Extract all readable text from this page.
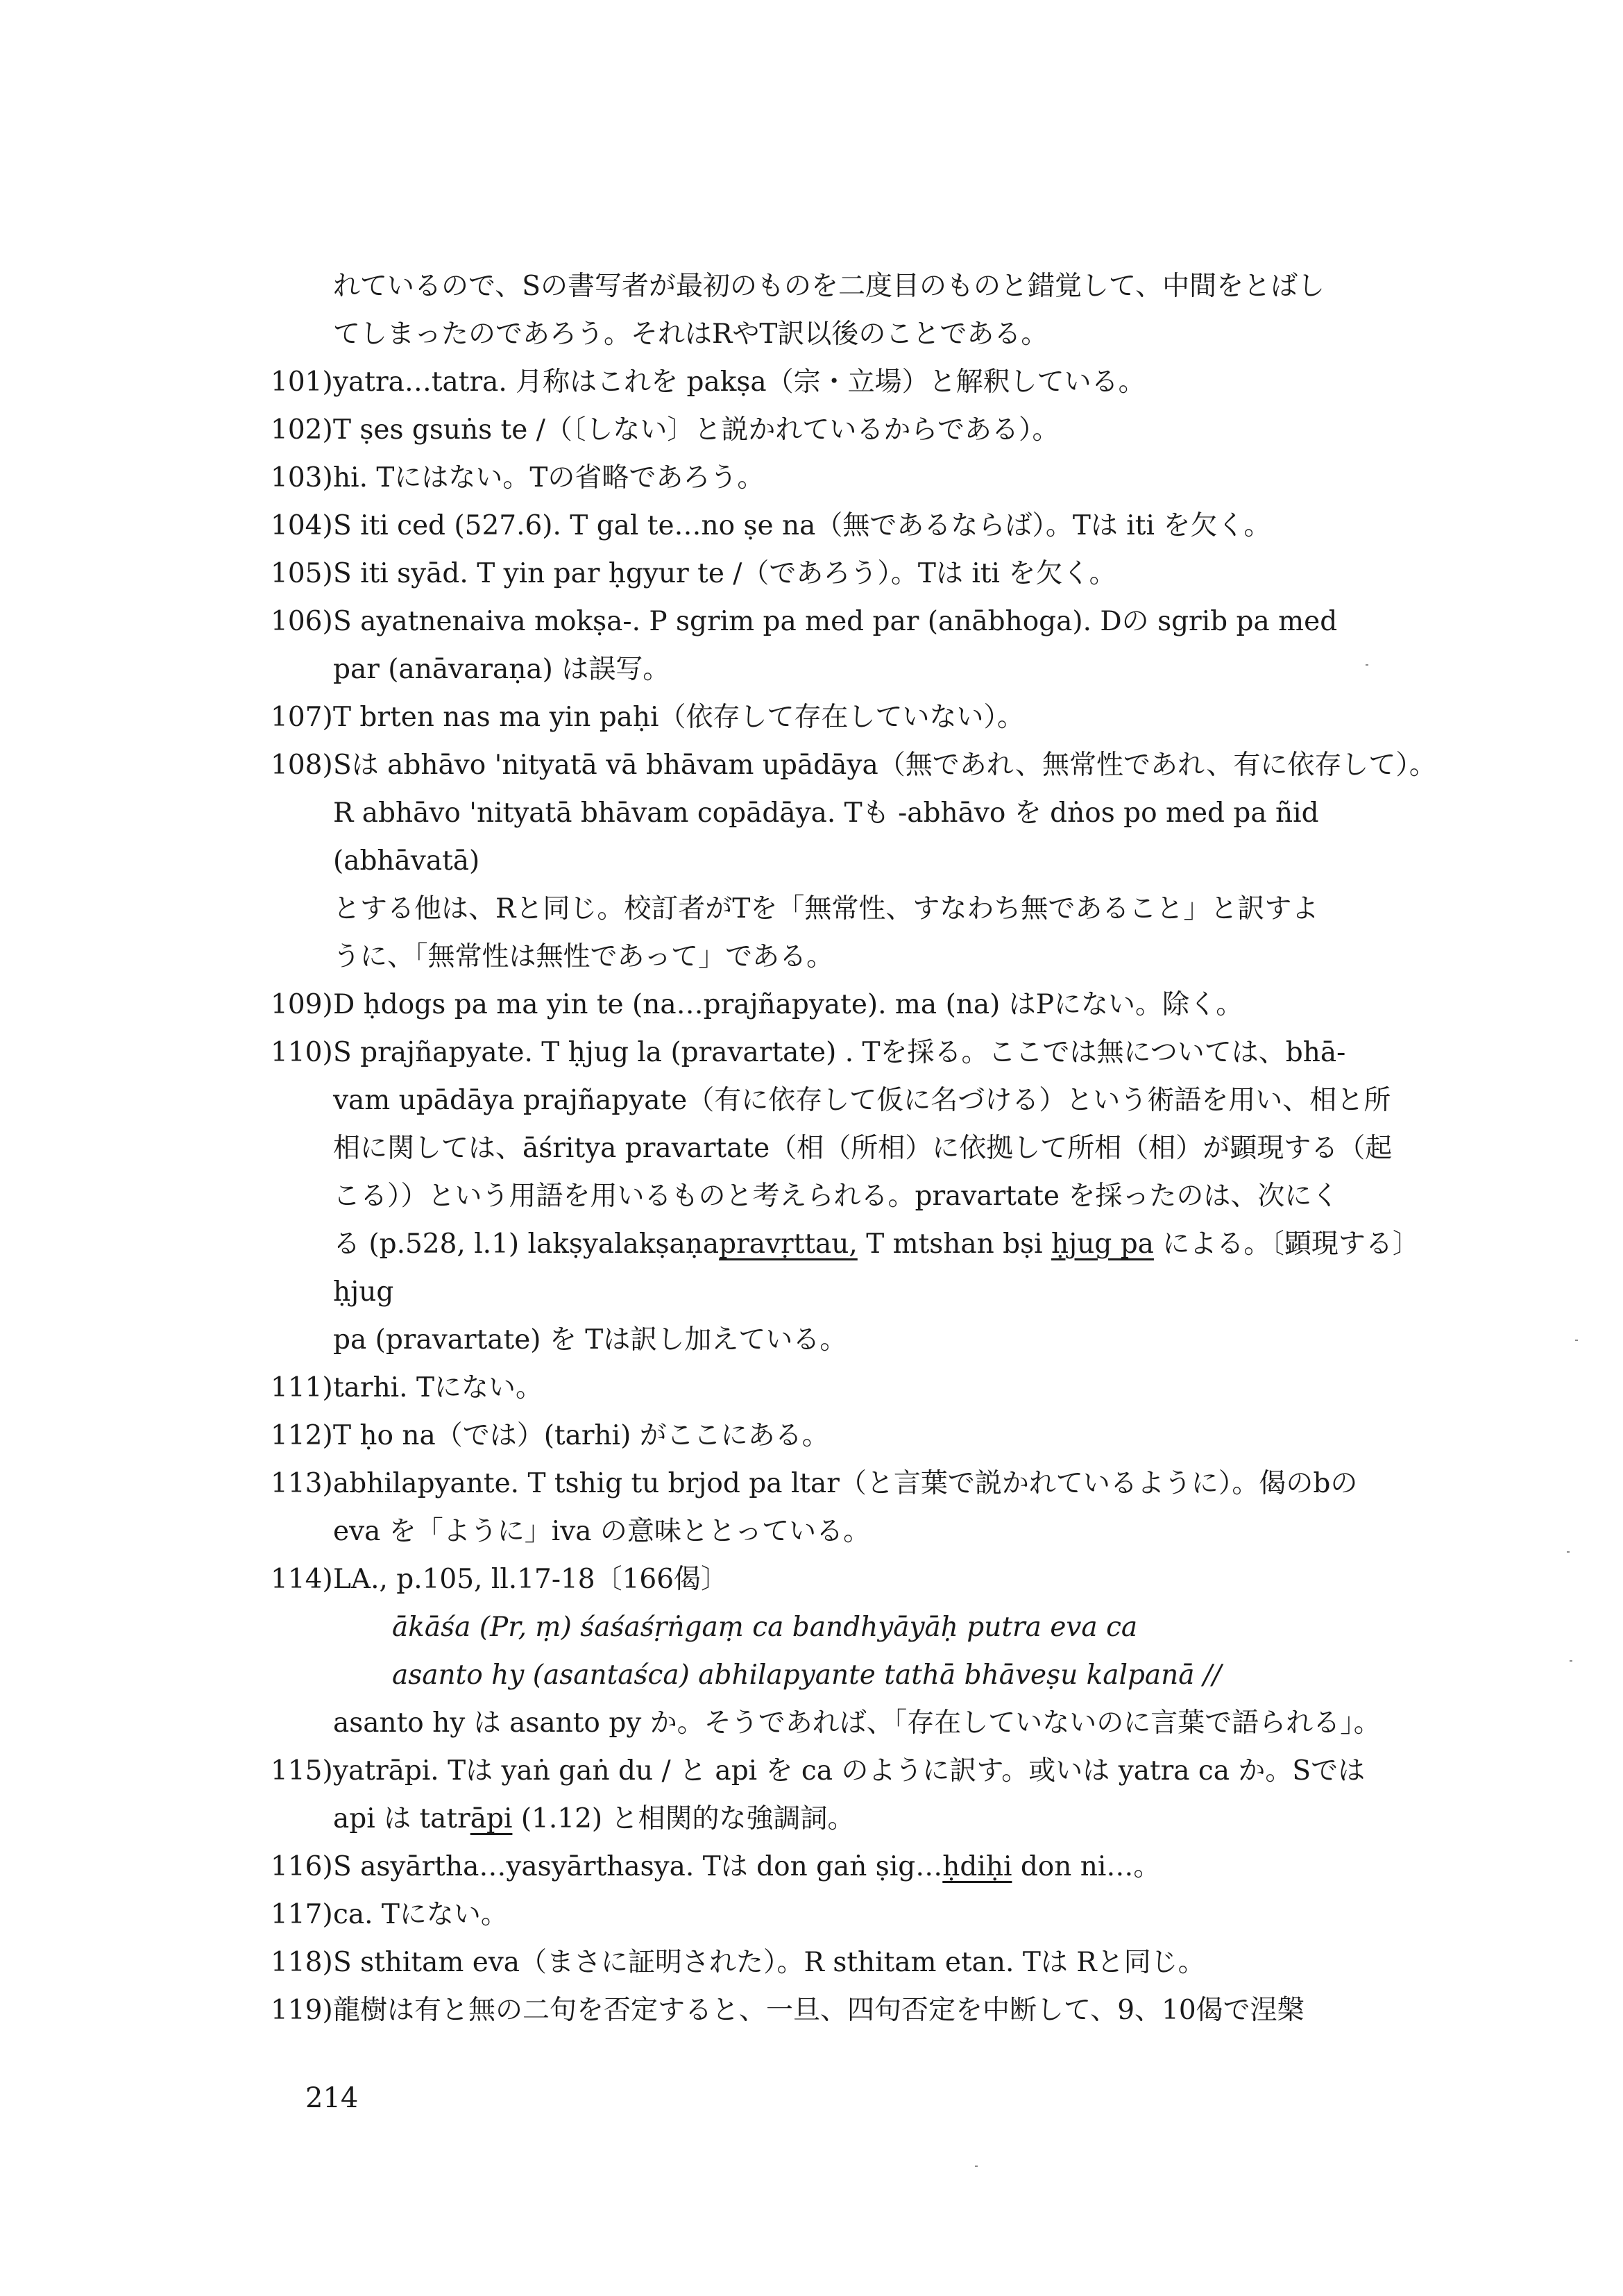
れているので、Sの書写者が最初のものを二度目のものと錯覚して、中間をとばし

てしまったのであろう。それはRやT訳以後のことである。

101) yatra…tatra. 月称はこれを pakṣa（宗・立場）と解釈している。
102) T ṣes gsuṅs te /（〔しない〕と説かれているからである）。
103) hi. Tにはない。Tの省略であろう。
104) S iti ced (527.6). T gal te…no ṣe na（無であるならば）。Tは iti を欠く。
105) S iti syād. T yin par ḥgyur te /（であろう）。Tは iti を欠く。
106) S ayatnenaiva mokṣa-. P sgrim pa med par (anābhoga). Dの sgrib pa med
par (anāvaraṇa) は誤写。
107) T brten nas ma yin paḥi（依存して存在していない）。
108) Sは abhāvo 'nityatā vā bhāvam upādāya（無であれ、無常性であれ、有に依存して）。
R abhāvo 'nityatā bhāvam copādāya. Tも -abhāvo を dṅos po med pa ñid (abhāvatā)
とする他は、Rと同じ。校訂者がTを「無常性、すなわち無であること」と訳すよ
うに、「無常性は無性であって」である。
109) D ḥdogs pa ma yin te (na…prajñapyate). ma (na) はPにない。除く。
110) S prajñapyate. T ḥjug la (pravartate) . Tを採る。ここでは無については、bhā-
vam upādāya prajñapyate（有に依存して仮に名づける）という術語を用い、相と所
相に関しては、āśritya pravartate（相（所相）に依拠して所相（相）が顕現する（起
こる））という用語を用いるものと考えられる。pravartate を採ったのは、次にく
る (p.528, l.1) lakṣyalakṣaṇapravṛttau, T mtshan bṣi ḥjug pa による。〔顕現する〕ḥjug
pa (pravartate) を Tは訳し加えている。
111) tarhi. Tにない。
112) T ḥo na（では）(tarhi) がここにある。
113) abhilapyante. T tshig tu brjod pa ltar（と言葉で説かれているように）。偈のbの
eva を「ように」iva の意味ととっている。
114) LA., p.105, ll.17-18〔166偈〕
ākāśa (Pr, ṃ) śaśaśṛṅgaṃ ca bandhyāyāḥ putra eva ca
asanto hy (asantaśca) abhilapyante tathā bhāveṣu kalpanā //
asanto hy は asanto py か。そうであれば、「存在していないのに言葉で語られる」。
115) yatrāpi. Tは yaṅ gaṅ du / と api を ca のように訳す。或いは yatra ca か。Sでは
api は tatrāpi (1.12) と相関的な強調詞。
116) S asyārtha…yasyārthasya. Tは don gaṅ ṣig…ḥdiḥi don ni…。
117) ca. Tにない。
118) S sthitam eva（まさに証明された）。R sthitam etan. Tは Rと同じ。
119) 龍樹は有と無の二句を否定すると、一旦、四句否定を中断して、9、10偈で涅槃
214
